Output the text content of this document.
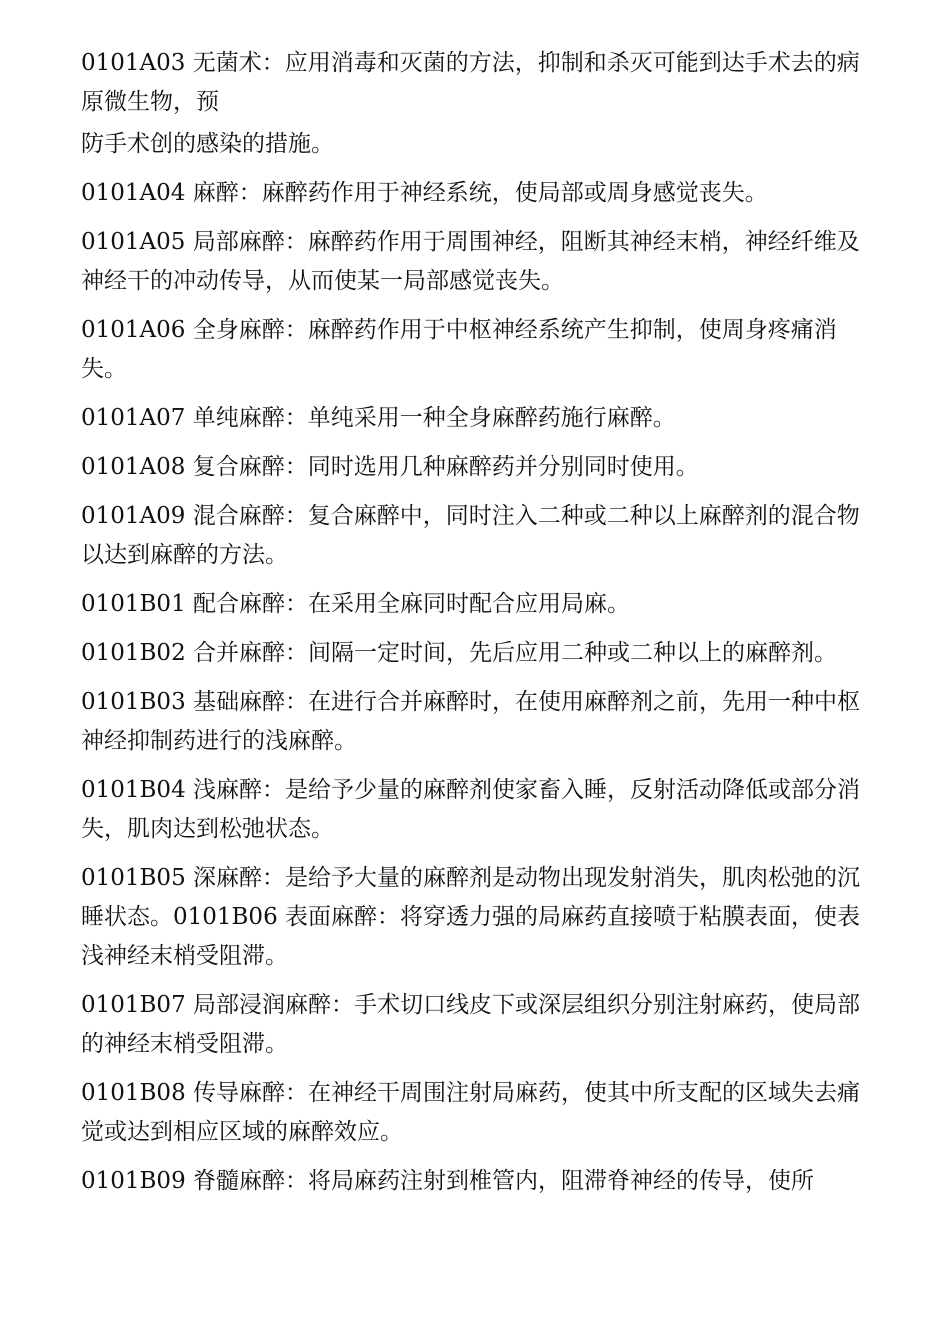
0101A03 无菌术：应用消毒和灭菌的方法，抑制和杀灭可能到达手术去的病原微生物，预

防手术创的感染的措施。

0101A04 麻醉：麻醉药作用于神经系统，使局部或周身感觉丧失。

0101A05 局部麻醉：麻醉药作用于周围神经，阻断其神经末梢，神经纤维及神经干的冲动传导，从而使某一局部感觉丧失。

0101A06 全身麻醉：麻醉药作用于中枢神经系统产生抑制，使周身疼痛消失。

0101A07 单纯麻醉：单纯采用一种全身麻醉药施行麻醉。

0101A08 复合麻醉：同时选用几种麻醉药并分别同时使用。

0101A09 混合麻醉：复合麻醉中，同时注入二种或二种以上麻醉剂的混合物以达到麻醉的方法。

0101B01 配合麻醉：在采用全麻同时配合应用局麻。

0101B02 合并麻醉：间隔一定时间，先后应用二种或二种以上的麻醉剂。

0101B03 基础麻醉：在进行合并麻醉时，在使用麻醉剂之前，先用一种中枢神经抑制药进行的浅麻醉。

0101B04 浅麻醉：是给予少量的麻醉剂使家畜入睡，反射活动降低或部分消失，肌肉达到松弛状态。

0101B05 深麻醉：是给予大量的麻醉剂是动物出现发射消失，肌肉松弛的沉睡状态。0101B06 表面麻醉：将穿透力强的局麻药直接喷于粘膜表面，使表浅神经末梢受阻滞。

0101B07 局部浸润麻醉：手术切口线皮下或深层组织分别注射麻药，使局部的神经末梢受阻滞。

0101B08 传导麻醉：在神经干周围注射局麻药，使其中所支配的区域失去痛觉或达到相应区域的麻醉效应。

0101B09 脊髓麻醉：将局麻药注射到椎管内，阻滞脊神经的传导，使所
